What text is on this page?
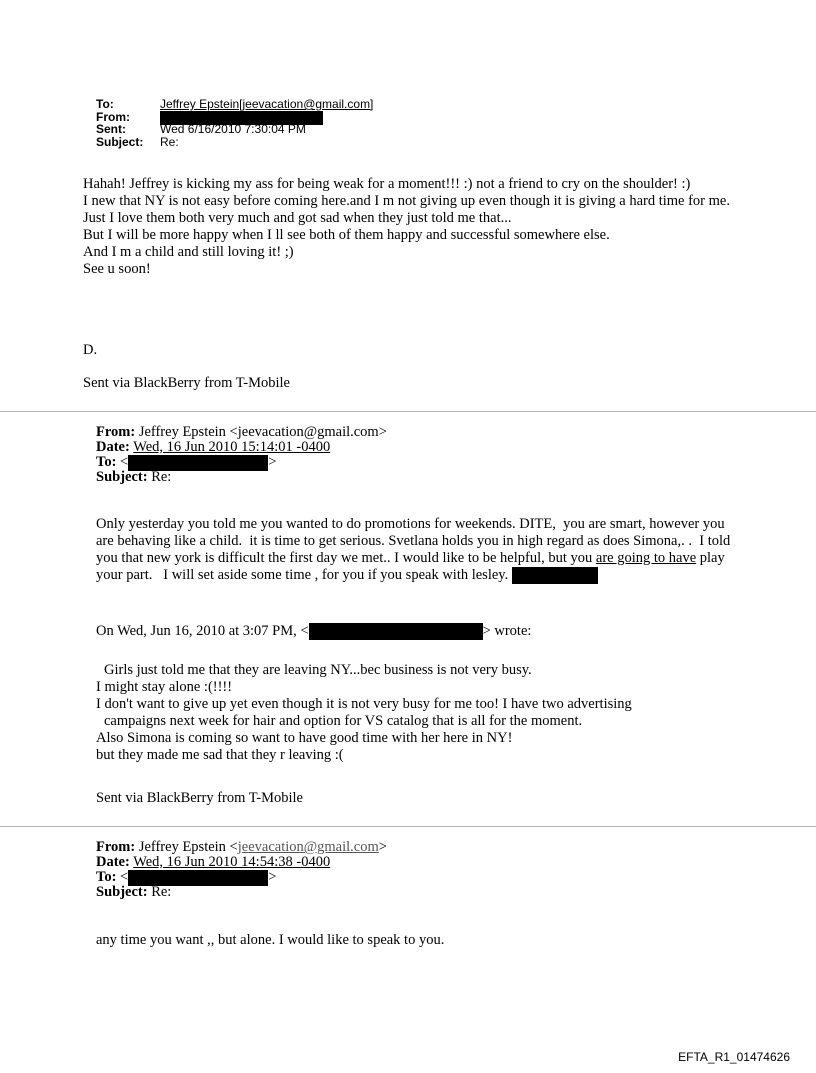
To:	Jeffrey Epstein[jeevacation@gmail.com]
From:
Sent:	Wed 6/16/2010 7:30:04 PM
Subject:	Re:

Hahah! Jeffrey is kicking my ass for being weak for a moment!!! :) not a friend to cry on the shoulder! :)

I new that NY is not easy before coming here.and I m not giving up even though it is giving a hard time for me.

Just I love them both very much and got sad when they just told me that...

But I will be more happy when I ll see both of them happy and successful somewhere else.

And I m a child and still loving it! ;)

See u soon!

D.
Sent via BlackBerry from T-Mobile
From: Jeffrey Epstein <jeevacation@gmail.com>
Date: Wed, 16 Jun 2010 15:14:01 -0400
To: <	>
Subject: Re:

Only yesterday you told me you wanted to do promotions for weekends. DITE,  you are smart, however you are behaving like a child.  it is time to get serious. Svetlana holds you in high regard as does Simona,. .  I told you that new york is difficult the first day we met.. I would like to be helpful, but you are going to have play your part.   I will set aside some time , for you if you speak with lesley.

On Wed, Jun 16, 2010 at 3:07 PM, <	> wrote:
Girls just told me that they are leaving NY...bec business is not very busy.
I might stay alone :(!!!!
I don't want to give up yet even though it is not very busy for me too! I have two advertising
campaigns next week for hair and option for VS catalog that is all for the moment.
Also Simona is coming so want to have good time with her here in NY!
but they made me sad that they r leaving :(
Sent via BlackBerry from T-Mobile
From: Jeffrey Epstein <jeevacation@gmail.com>
Date: Wed, 16 Jun 2010 14:54:38 -0400
To: <	>
Subject: Re:
any time you want ,, but alone. I would like to speak to you.
EFTA_R1_01474626
